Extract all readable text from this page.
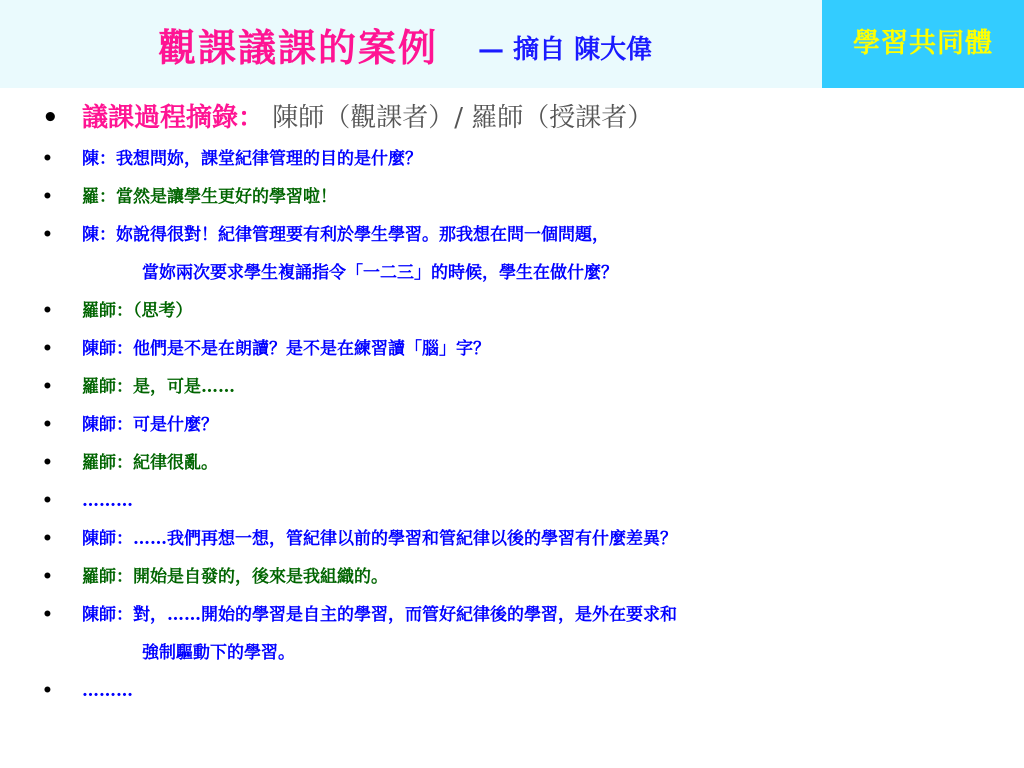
學習共同體
觀課議課的案例 — 摘自 陳大偉
• 議課過程摘錄： 陳師（觀課者）/ 羅師（授課者）
• 陳：我想問妳，課堂紀律管理的目的是什麼？
• 羅：當然是讓學生更好的學習啦！
• 陳：妳說得很對！紀律管理要有利於學生學習。那我想在問一個問題，
當妳兩次要求學生複誦指令「一二三」的時候，學生在做什麼？
• 羅師：（思考）
• 陳師：他們是不是在朗讀？是不是在練習讀「腦」字？
• 羅師：是，可是……
• 陳師：可是什麼？
• 羅師：紀律很亂。
• ………
• 陳師：……我們再想一想，管紀律以前的學習和管紀律以後的學習有什麼差異？
• 羅師：開始是自發的，後來是我組織的。
• 陳師：對，……開始的學習是自主的學習，而管好紀律後的學習，是外在要求和
強制驅動下的學習。
• ………
